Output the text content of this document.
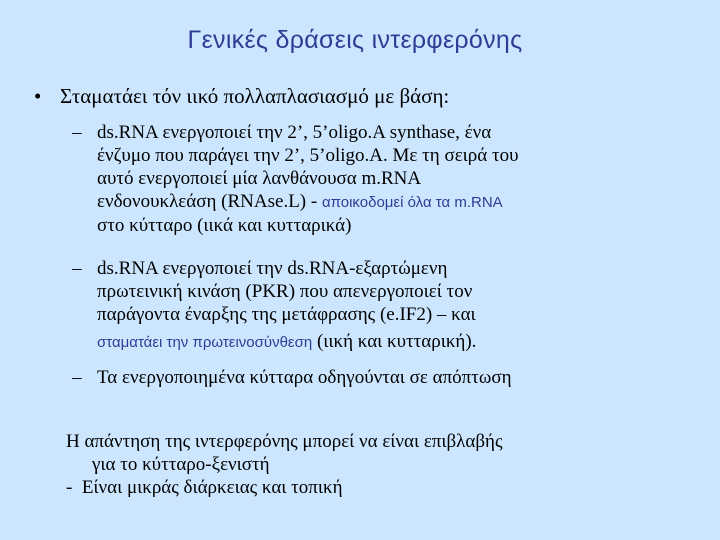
Γενικές δράσεις ιντερφερόνης
• Σταματάει τόν ιικό πολλαπλασιασμό με βάση:
– ds.RNA ενεργοποιεί την 2’, 5’oligo.A synthase, ένα
ένζυμο που παράγει την 2’, 5’oligo.A. Με τη σειρά του
αυτό ενεργοποιεί μία λανθάνουσα m.RNA
ενδονουκλεάση (RNAse.L) - αποικοδομεί όλα τα m.RNA
στο κύτταρο (ιικά και κυτταρικά)
– ds.RNA ενεργοποιεί την ds.RNA-εξαρτώμενη
πρωτεινική κινάση (PKR) που απενεργοποιεί τον
παράγοντα έναρξης της μετάφρασης (e.IF2) – και
σταματάει την πρωτεινοσύνθεση (ιική και κυτταρική).
– Τα ενεργοποιημένα κύτταρα οδηγούνται σε απόπτωση
Η απάντηση της ιντερφερόνης μπορεί να είναι επιβλαβής
για το κύτταρο-ξενιστή
- Είναι μικράς διάρκειας και τοπική
